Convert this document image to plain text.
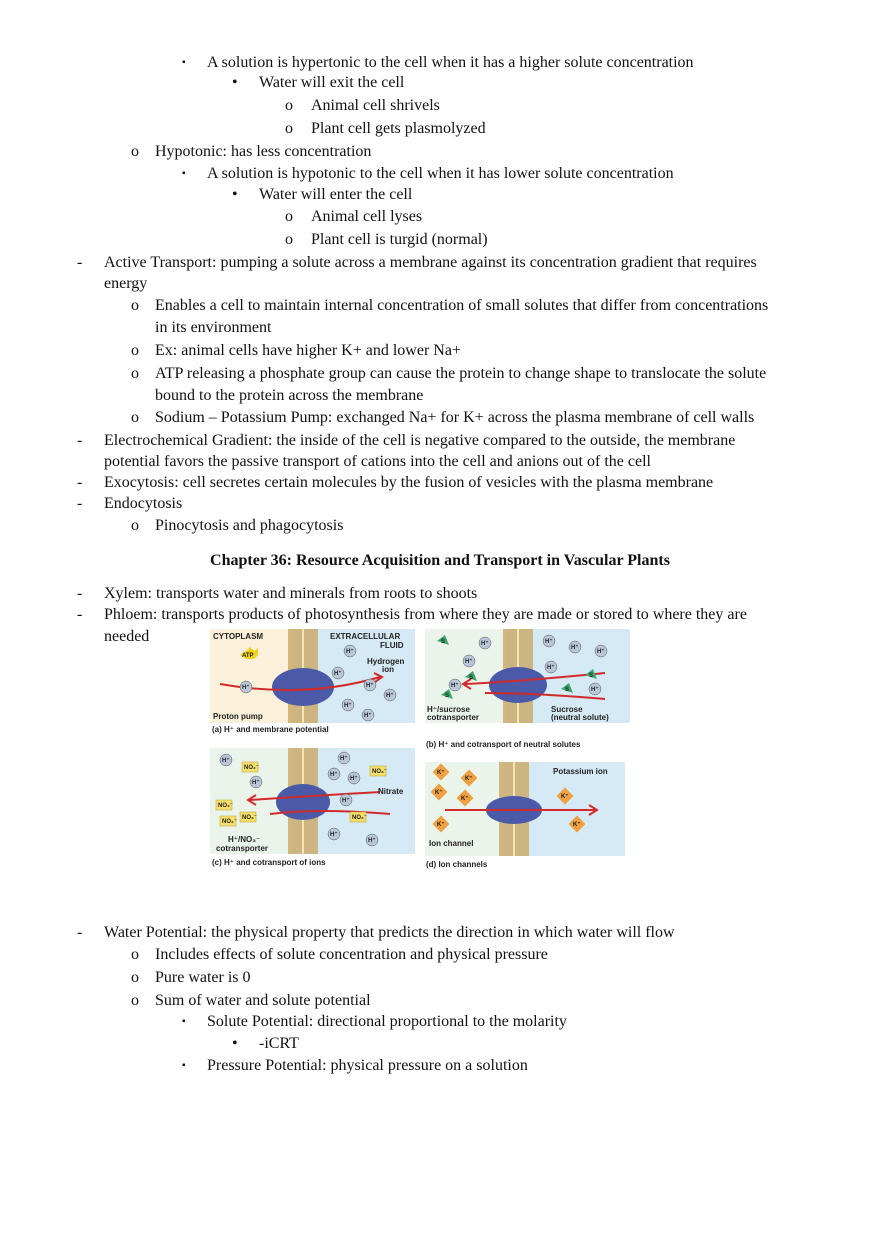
▪ A solution is hypertonic to the cell when it has a higher solute concentration
• Water will exit the cell
o Animal cell shrivels
o Plant cell gets plasmolyzed
o Hypotonic: has less concentration
▪ A solution is hypotonic to the cell when it has lower solute concentration
• Water will enter the cell
o Animal cell lyses
o Plant cell is turgid (normal)
- Active Transport: pumping a solute across a membrane against its concentration gradient that requires
energy
o Enables a cell to maintain internal concentration of small solutes that differ from concentrations
in its environment
o Ex: animal cells have higher K+ and lower Na+
o ATP releasing a phosphate group can cause the protein to change shape to translocate the solute
bound to the protein across the membrane
o Sodium – Potassium Pump: exchanged Na+ for K+ across the plasma membrane of cell walls
- Electrochemical Gradient: the inside of the cell is negative compared to the outside, the membrane
potential favors the passive transport of cations into the cell and anions out of the cell
- Exocytosis: cell secretes certain molecules by the fusion of vesicles with the plasma membrane
- Endocytosis
o Pinocytosis and phagocytosis
Chapter 36: Resource Acquisition and Transport in Vascular Plants
- Xylem: transports water and minerals from roots to shoots
- Phloem: transports products of photosynthesis from where they are made or stored to where they are
needed
ATP
H⁺
H⁺
H⁺
H⁺
H⁺
H⁺
H⁺
CYTOPLASM	EXTRACELLULAR
FLUID
Hydrogen
ion
Proton pump
(a) H⁺ and membrane potential
S
S
S
S
S
H⁺
H⁺
H⁺
H⁺
H⁺
H⁺
H⁺
H⁺
H⁺/sucrose
cotransporter
Sucrose
(neutral solute)
(b) H⁺ and cotransport of neutral solutes
NO₃⁻
NO₃⁻
NO₃⁻
NO₃⁻
NO₃⁻
NO₃⁻
H⁺
H⁺
H⁺
H⁺
H⁺
H⁺
H⁺
H⁺
Nitrate
H⁺/NO₃⁻
cotransporter
(c) H⁺ and cotransport of ions
K⁺
K⁺
K⁺
K⁺
K⁺
K⁺
K⁺
Potassium ion
Ion channel
(d) Ion channels
- Water Potential: the physical property that predicts the direction in which water will flow
o Includes effects of solute concentration and physical pressure
o Pure water is 0
o Sum of water and solute potential
▪ Solute Potential: directional proportional to the molarity
• -iCRT
▪ Pressure Potential: physical pressure on a solution
